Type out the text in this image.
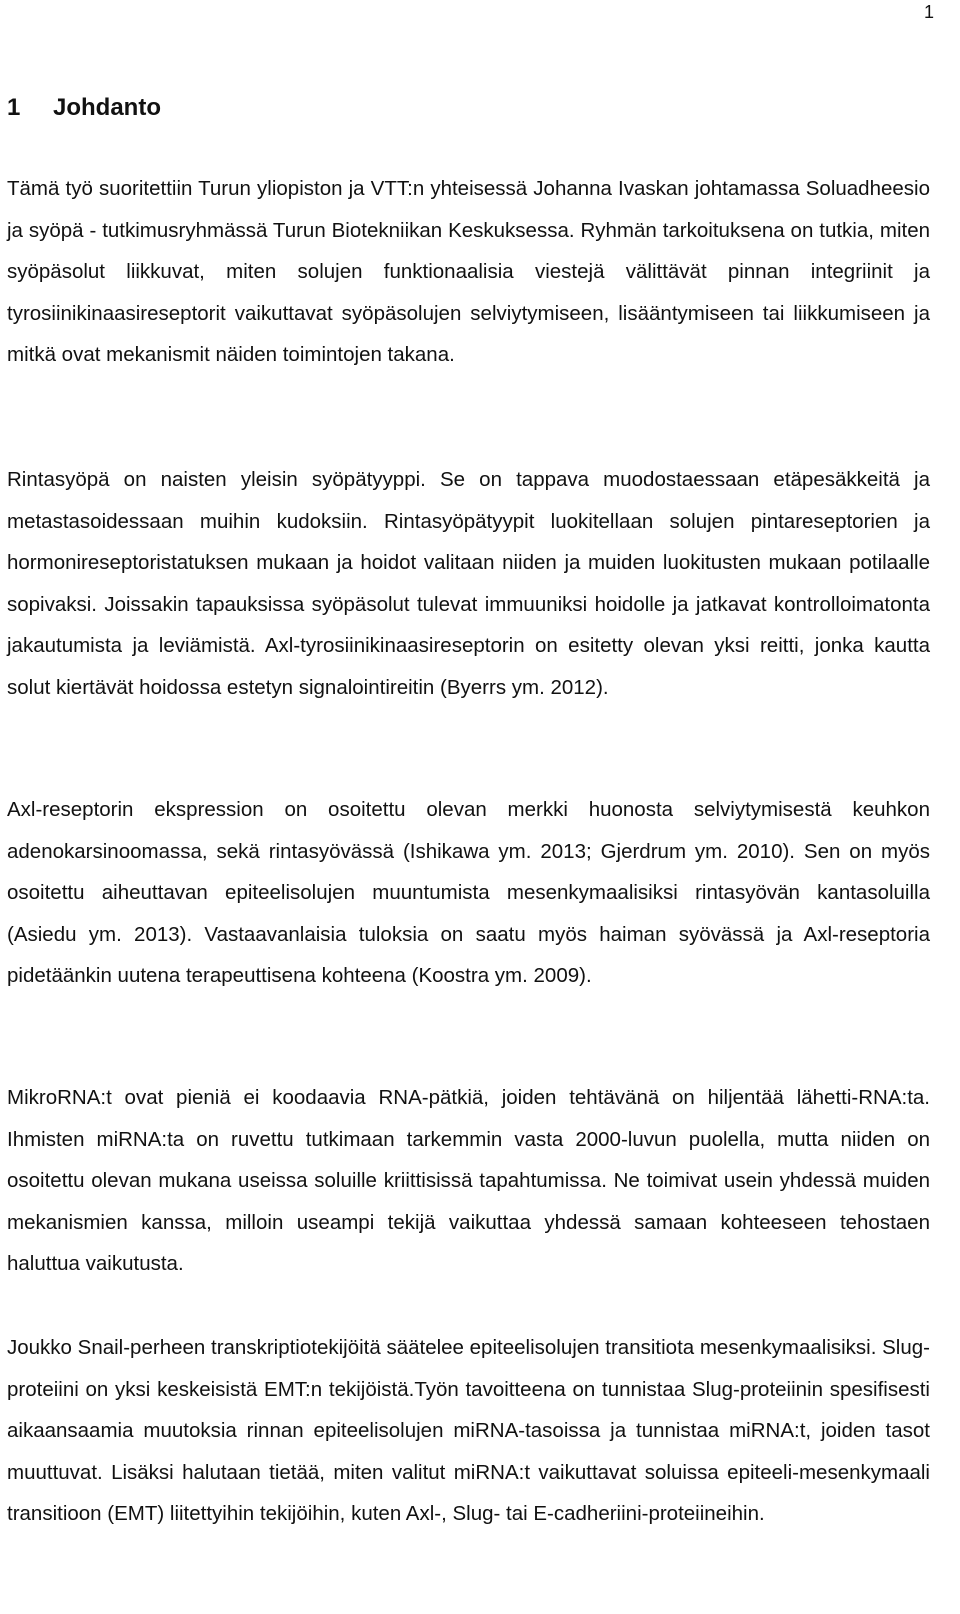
1
1 Johdanto

Tämä työ suoritettiin Turun yliopiston ja VTT:n yhteisessä Johanna Ivaskan johtamassa Soluadheesio ja syöpä - tutkimusryhmässä Turun Biotekniikan Keskuksessa. Ryhmän tarkoituksena on tutkia, miten syöpäsolut liikkuvat, miten solujen funktionaalisia viestejä välittävät pinnan integriinit ja tyrosiinikinaasireseptorit vaikuttavat syöpäsolujen selviytymiseen, lisääntymiseen tai liikkumiseen ja mitkä ovat mekanismit näiden toimintojen takana.

Rintasyöpä on naisten yleisin syöpätyyppi. Se on tappava muodostaessaan etäpesäkkeitä ja metastasoidessaan muihin kudoksiin. Rintasyöpätyypit luokitellaan solujen pintareseptorien ja hormonireseptoristatuksen mukaan ja hoidot valitaan niiden ja muiden luokitusten mukaan potilaalle sopivaksi. Joissakin tapauksissa syöpäsolut tulevat immuuniksi hoidolle ja jatkavat kontrolloimatonta jakautumista ja leviämistä. Axl-tyrosiinikinaasireseptorin on esitetty olevan yksi reitti, jonka kautta solut kiertävät hoidossa estetyn signalointireitin (Byerrs ym. 2012).

Axl-reseptorin ekspression on osoitettu olevan merkki huonosta selviytymisestä keuhkon adenokarsinoomassa, sekä rintasyövässä (Ishikawa ym. 2013; Gjerdrum ym. 2010). Sen on myös osoitettu aiheuttavan epiteelisolujen muuntumista mesenkymaalisiksi rintasyövän kantasoluilla (Asiedu ym. 2013). Vastaavanlaisia tuloksia on saatu myös haiman syövässä ja Axl-reseptoria pidetäänkin uutena terapeuttisena kohteena (Koostra ym. 2009).

MikroRNA:t ovat pieniä ei koodaavia RNA-pätkiä, joiden tehtävänä on hiljentää lähetti-RNA:ta. Ihmisten miRNA:ta on ruvettu tutkimaan tarkemmin vasta 2000-luvun puolella, mutta niiden on osoitettu olevan mukana useissa soluille kriittisissä tapahtumissa. Ne toimivat usein yhdessä muiden mekanismien kanssa, milloin useampi tekijä vaikuttaa yhdessä samaan kohteeseen tehostaen haluttua vaikutusta.

Joukko Snail-perheen transkriptiotekijöitä säätelee epiteelisolujen transitiota mesenkymaalisiksi. Slug-proteiini on yksi keskeisistä EMT:n tekijöistä.Työn tavoitteena on tunnistaa Slug-proteiinin spesifisesti aikaansaamia muutoksia rinnan epiteelisolujen miRNA-tasoissa ja tunnistaa miRNA:t, joiden tasot muuttuvat. Lisäksi halutaan tietää, miten valitut miRNA:t vaikuttavat soluissa epiteeli-mesenkymaali transitioon (EMT) liitettyihin tekijöihin, kuten Axl-, Slug- tai E-cadheriini-proteiineihin.
